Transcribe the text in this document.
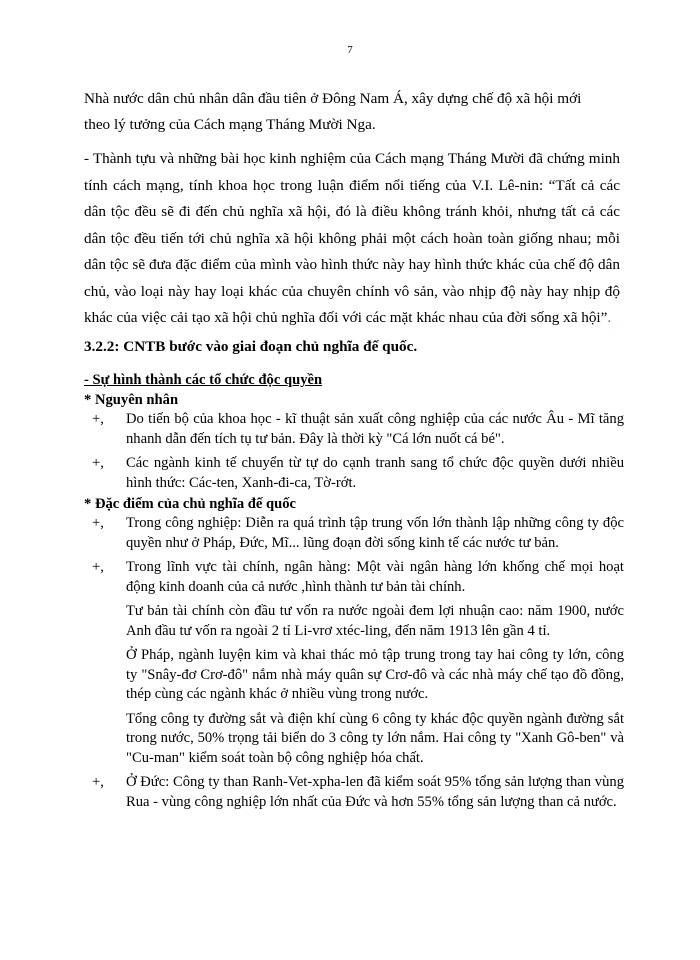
7
Nhà nước dân chủ nhân dân đầu tiên ở Đông Nam Á, xây dựng chế độ xã hội mới
theo lý tưởng của Cách mạng Tháng Mười Nga.
- Thành tựu và những bài học kinh nghiệm của Cách mạng Tháng Mười đã chứng minh tính cách mạng, tính khoa học trong luận điểm nổi tiếng của V.I. Lê-nin: “Tất cả các dân tộc đều sẽ đi đến chủ nghĩa xã hội, đó là điều không tránh khỏi, nhưng tất cả các dân tộc đều tiến tới chủ nghĩa xã hội không phải một cách hoàn toàn giống nhau; mỗi dân tộc sẽ đưa đặc điểm của mình vào hình thức này hay hình thức khác của chế độ dân chủ, vào loại này hay loại khác của chuyên chính vô sản, vào nhịp độ này hay nhịp độ khác của việc cải tạo xã hội chủ nghĩa đối với các mặt khác nhau của đời sống xã hội”.
3.2.2: CNTB bước vào giai đoạn chủ nghĩa đế quốc.
- Sự hình thành các tổ chức độc quyền
* Nguyên nhân
+,	Do tiến bộ của khoa học - kĩ thuật sản xuất công nghiệp của các nước Âu - Mĩ tăng nhanh dẫn đến tích tụ tư bản. Đây là thời kỳ "Cá lớn nuốt cá bé".
+,	Các ngành kinh tế chuyển từ tự do cạnh tranh sang tổ chức độc quyền dưới nhiều hình thức: Các-ten, Xanh-đi-ca, Tờ-rớt.
* Đặc điểm của chủ nghĩa đế quốc
+,	Trong công nghiệp: Diễn ra quá trình tập trung vốn lớn thành lập những công ty độc quyền như ở Pháp, Đức, Mĩ... lũng đoạn đời sống kinh tế các nước tư bản.
+,	Trong lĩnh vực tài chính, ngân hàng: Một vài ngân hàng lớn khống chế mọi hoạt động kinh doanh của cả nước ,hình thành tư bản tài chính.
Tư bản tài chính còn đầu tư vốn ra nước ngoài đem lợi nhuận cao: năm 1900, nước Anh đầu tư vốn ra ngoài 2 tỉ Li-vrơ xtéc-ling, đến năm 1913 lên gần 4 tỉ.
Ở Pháp, ngành luyện kim và khai thác mỏ tập trung trong tay hai công ty lớn, công ty "Snây-đơ Crơ-đô" nắm nhà máy quân sự Crơ-đô và các nhà máy chế tạo đồ đồng, thép cùng các ngành khác ở nhiều vùng trong nước.
Tổng công ty đường sắt và điện khí cùng 6 công ty khác độc quyền ngành đường sắt trong nước, 50% trọng tải biển do 3 công ty lớn nắm. Hai công ty "Xanh Gô-ben" và "Cu-man" kiểm soát toàn bộ công nghiệp hóa chất.
+,	Ở Đức: Công ty than Ranh-Vet-xpha-len đã kiểm soát 95% tổng sản lượng than vùng Rua - vùng công nghiệp lớn nhất của Đức và hơn 55% tổng sản lượng than cả nước.
